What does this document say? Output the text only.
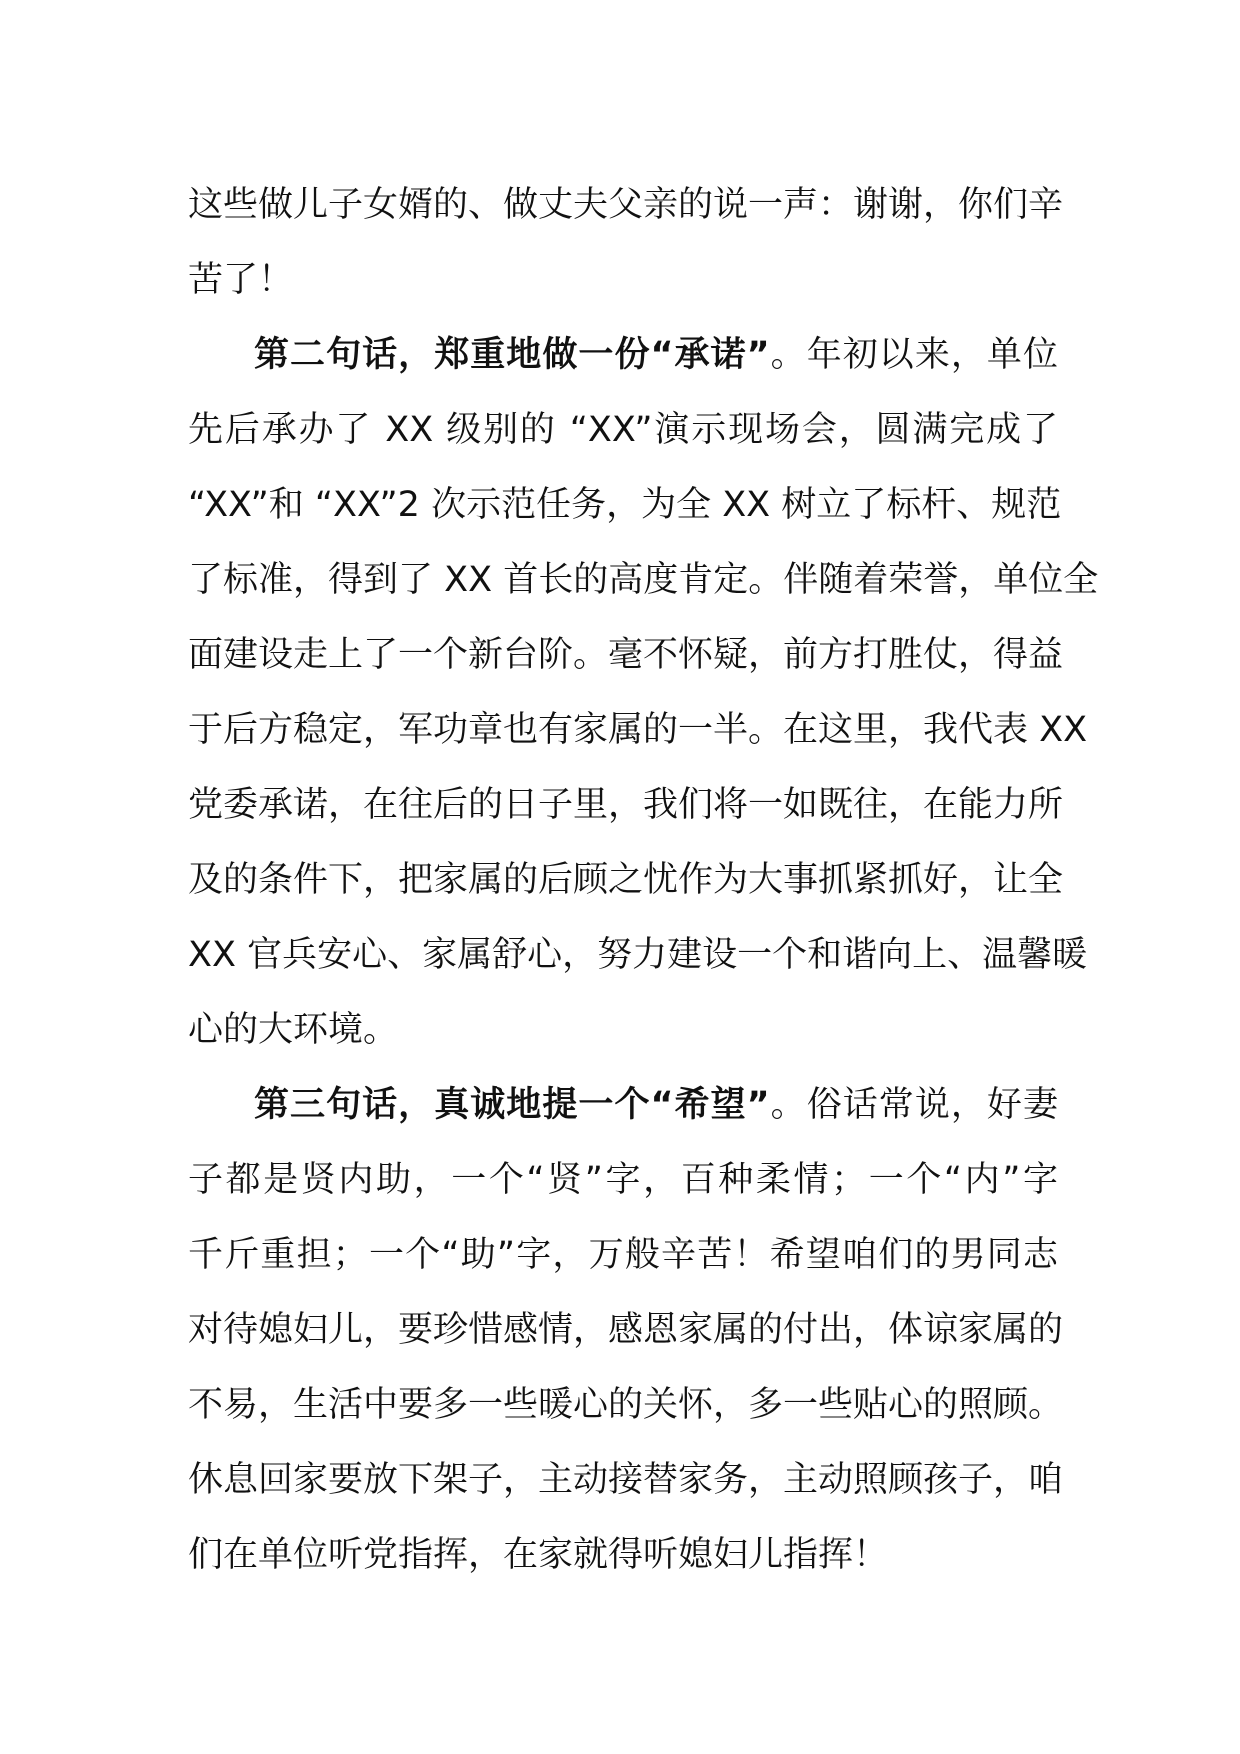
这些做儿子女婿的、做丈夫父亲的说一声：谢谢，你们辛
苦了！
第二句话，郑重地做一份“承诺”。年初以来，单位
先后承办了 XX 级别的 “XX”演示现场会，圆满完成了
“XX”和 “XX”2 次示范任务，为全 XX 树立了标杆、规范
了标准，得到了 XX 首长的高度肯定。伴随着荣誉，单位全
面建设走上了一个新台阶。毫不怀疑，前方打胜仗，得益
于后方稳定，军功章也有家属的一半。在这里，我代表 XX
党委承诺，在往后的日子里，我们将一如既往，在能力所
及的条件下，把家属的后顾之忧作为大事抓紧抓好，让全
XX 官兵安心、家属舒心，努力建设一个和谐向上、温馨暖
心的大环境。
第三句话，真诚地提一个“希望”。俗话常说，好妻
子都是贤内助，一个“贤”字，百种柔情；一个“内”字
千斤重担；一个“助”字，万般辛苦！希望咱们的男同志
对待媳妇儿，要珍惜感情，感恩家属的付出，体谅家属的
不易，生活中要多一些暖心的关怀，多一些贴心的照顾。
休息回家要放下架子，主动接替家务，主动照顾孩子，咱
们在单位听党指挥，在家就得听媳妇儿指挥！
